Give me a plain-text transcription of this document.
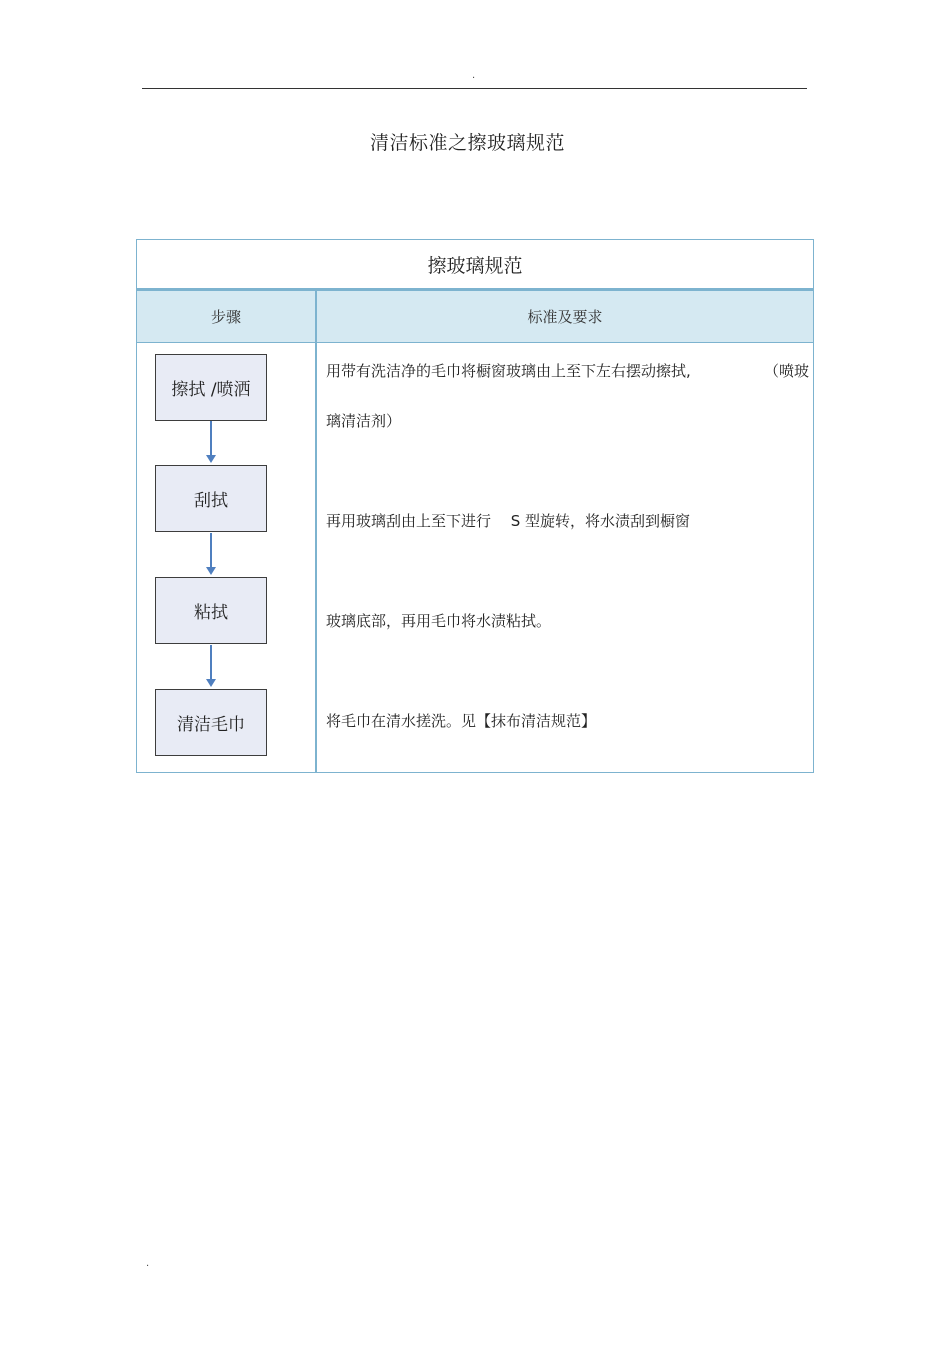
.
清洁标准之擦玻璃规范
擦玻璃规范
步骤	标准及要求
擦拭 /喷洒
刮拭
粘拭
清洁毛巾
用带有洗洁净的毛巾将橱窗玻璃由上至下左右摆动擦拭,	（喷玻
璃清洁剂）
再用玻璃刮由上至下进行　 S 型旋转，将水渍刮到橱窗
玻璃底部，再用毛巾将水渍粘拭。
将毛巾在清水搓洗。见【抹布清洁规范】
.
